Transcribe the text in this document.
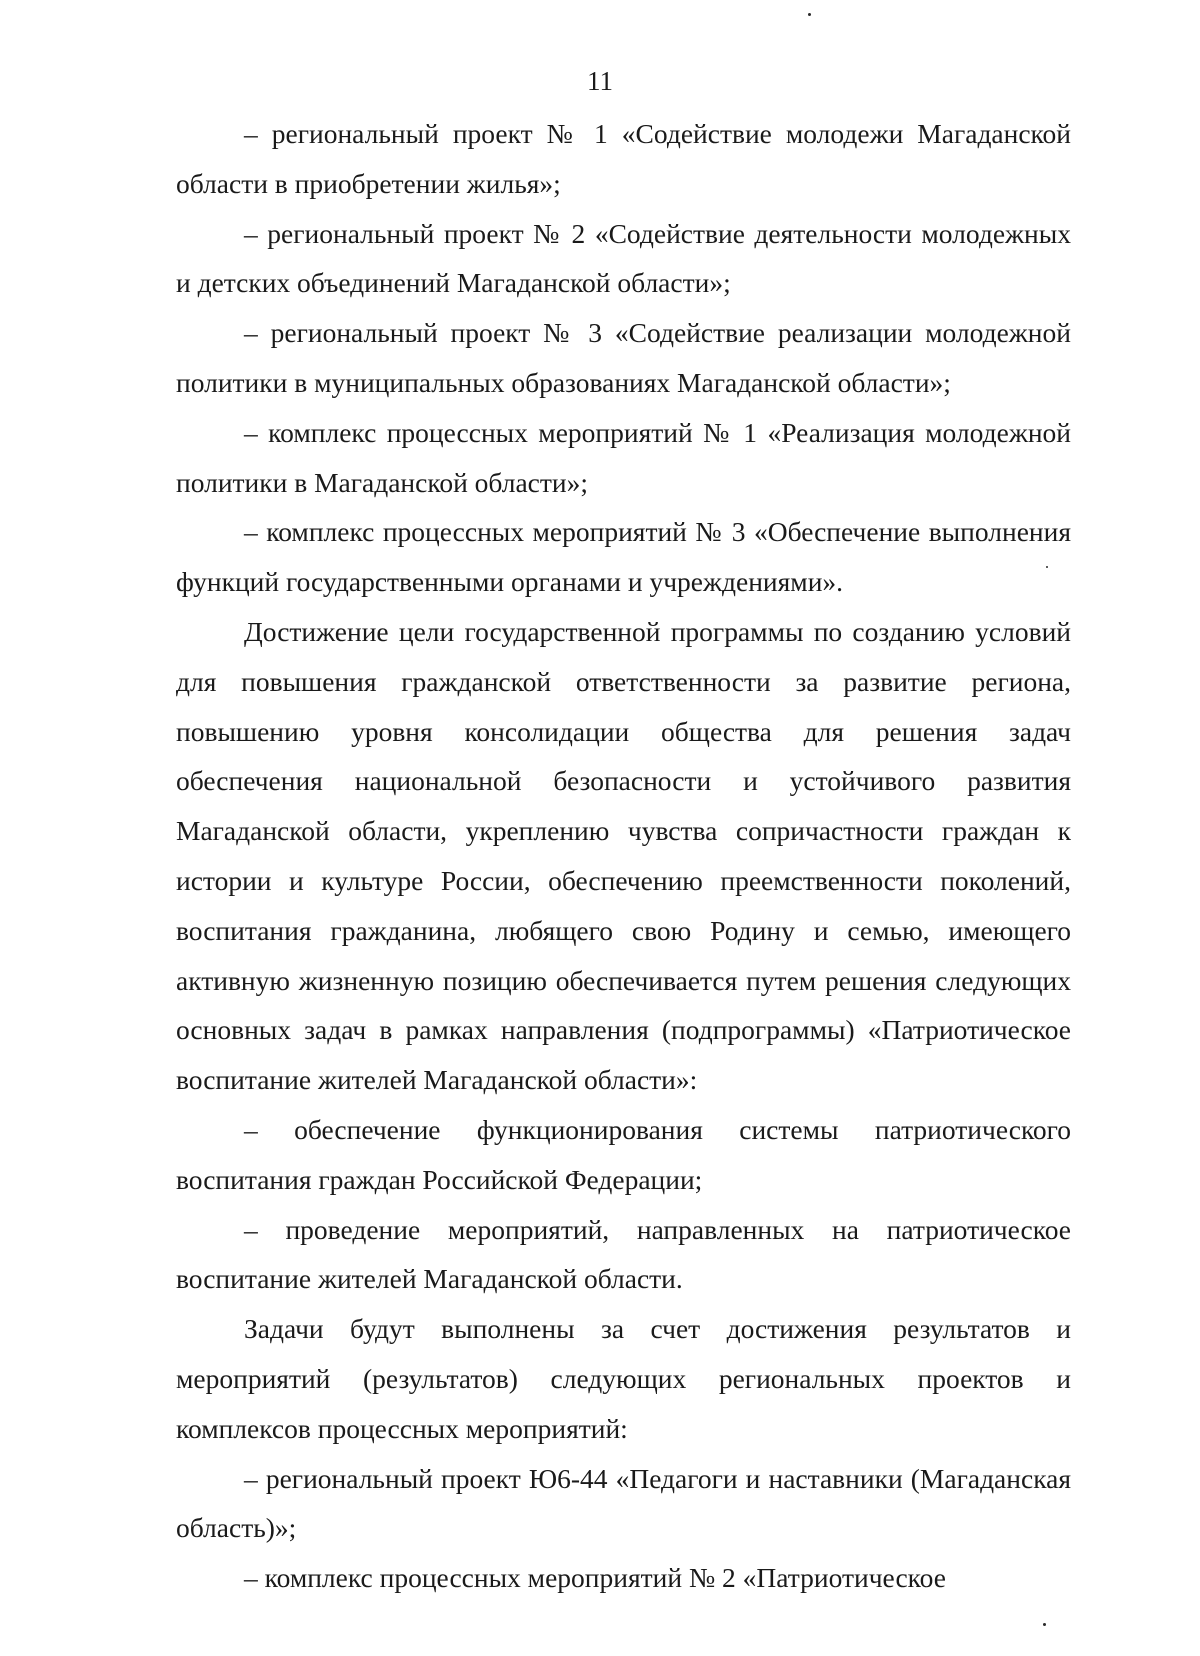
11

– региональный проект № 1 «Содействие молодежи Магаданской области в приобретении жилья»;

– региональный проект № 2 «Содействие деятельности молодежных и детских объединений Магаданской области»;

– региональный проект № 3 «Содействие реализации молодежной политики в муниципальных образованиях Магаданской области»;

– комплекс процессных мероприятий № 1 «Реализация молодежной политики в Магаданской области»;

– комплекс процессных мероприятий № 3 «Обеспечение выполнения функций государственными органами и учреждениями».

Достижение цели государственной программы по созданию условий для повышения гражданской ответственности за развитие региона, повышению уровня консолидации общества для решения задач обеспечения национальной безопасности и устойчивого развития Магаданской области, укреплению чувства сопричастности граждан к истории и культуре России, обеспечению преемственности поколений, воспитания гражданина, любящего свою Родину и семью, имеющего активную жизненную позицию обеспечивается путем решения следующих основных задач в рамках направления (подпрограммы) «Патриотическое воспитание жителей Магаданской области»:

– обеспечение функционирования системы патриотического воспитания граждан Российской Федерации;

– проведение мероприятий, направленных на патриотическое воспитание жителей Магаданской области.

Задачи будут выполнены за счет достижения результатов и мероприятий (результатов) следующих региональных проектов и комплексов процессных мероприятий:

– региональный проект Ю6-44 «Педагоги и наставники (Магаданская область)»;

– комплекс процессных мероприятий № 2 «Патриотическое
